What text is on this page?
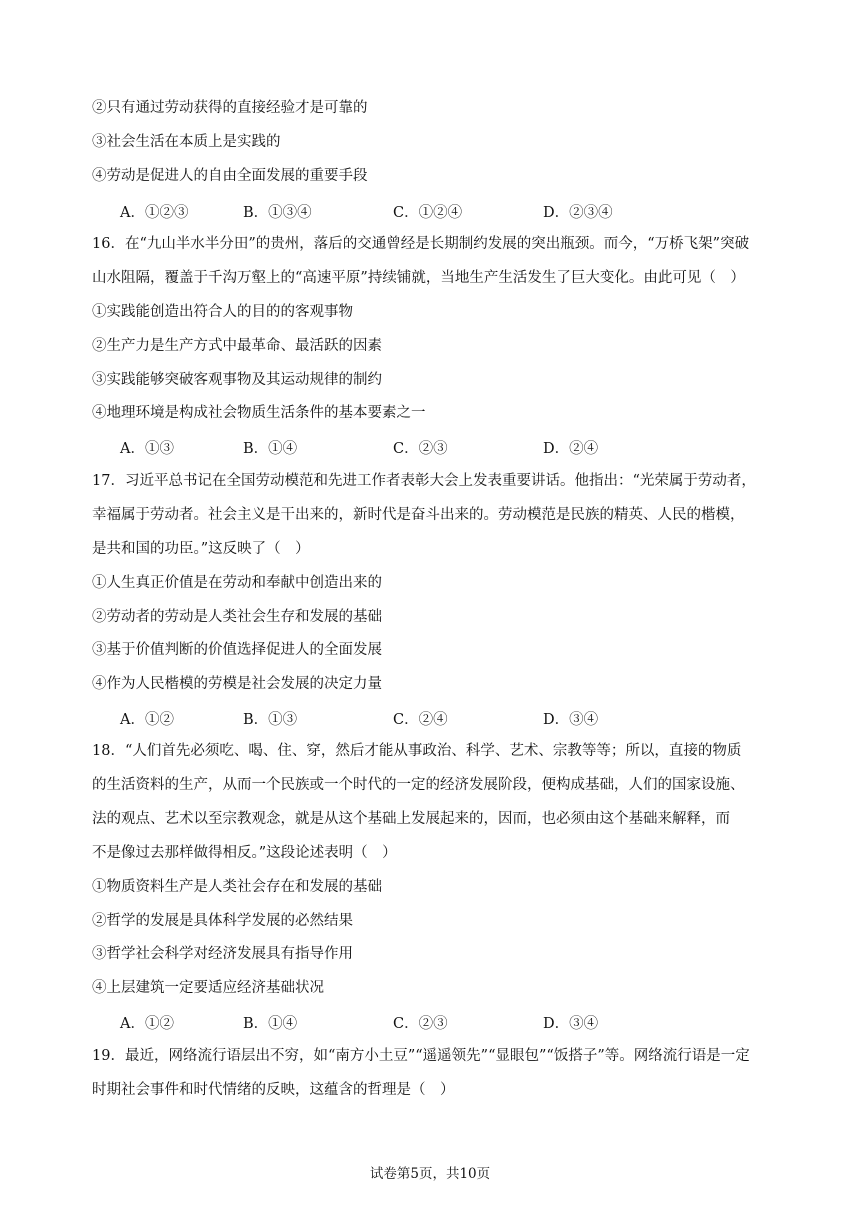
②只有通过劳动获得的直接经验才是可靠的
③社会生活在本质上是实践的
④劳动是促进人的自由全面发展的重要手段
A．①②③	B．①③④	C．①②④	D．②③④
16．在“九山半水半分田”的贵州，落后的交通曾经是长期制约发展的突出瓶颈。而今，“万桥飞架”突破
山水阻隔，覆盖于千沟万壑上的“高速平原”持续铺就，当地生产生活发生了巨大变化。由此可见（　）
①实践能创造出符合人的目的的客观事物
②生产力是生产方式中最革命、最活跃的因素
③实践能够突破客观事物及其运动规律的制约
④地理环境是构成社会物质生活条件的基本要素之一
A．①③	B．①④	C．②③	D．②④
17．习近平总书记在全国劳动模范和先进工作者表彰大会上发表重要讲话。他指出：“光荣属于劳动者，
幸福属于劳动者。社会主义是干出来的，新时代是奋斗出来的。劳动模范是民族的精英、人民的楷模，
是共和国的功臣。”这反映了（　）
①人生真正价值是在劳动和奉献中创造出来的
②劳动者的劳动是人类社会生存和发展的基础
③基于价值判断的价值选择促进人的全面发展
④作为人民楷模的劳模是社会发展的决定力量
A．①②	B．①③	C．②④	D．③④
18．“人们首先必须吃、喝、住、穿，然后才能从事政治、科学、艺术、宗教等等；所以，直接的物质
的生活资料的生产，从而一个民族或一个时代的一定的经济发展阶段，便构成基础，人们的国家设施、
法的观点、艺术以至宗教观念，就是从这个基础上发展起来的，因而，也必须由这个基础来解释，而
不是像过去那样做得相反。”这段论述表明（　）
①物质资料生产是人类社会存在和发展的基础
②哲学的发展是具体科学发展的必然结果
③哲学社会科学对经济发展具有指导作用
④上层建筑一定要适应经济基础状况
A．①②	B．①④	C．②③	D．③④
19．最近，网络流行语层出不穷，如“南方小土豆”“遥遥领先”“显眼包”“饭搭子”等。网络流行语是一定
时期社会事件和时代情绪的反映，这蕴含的哲理是（　）
试卷第5页，共10页
